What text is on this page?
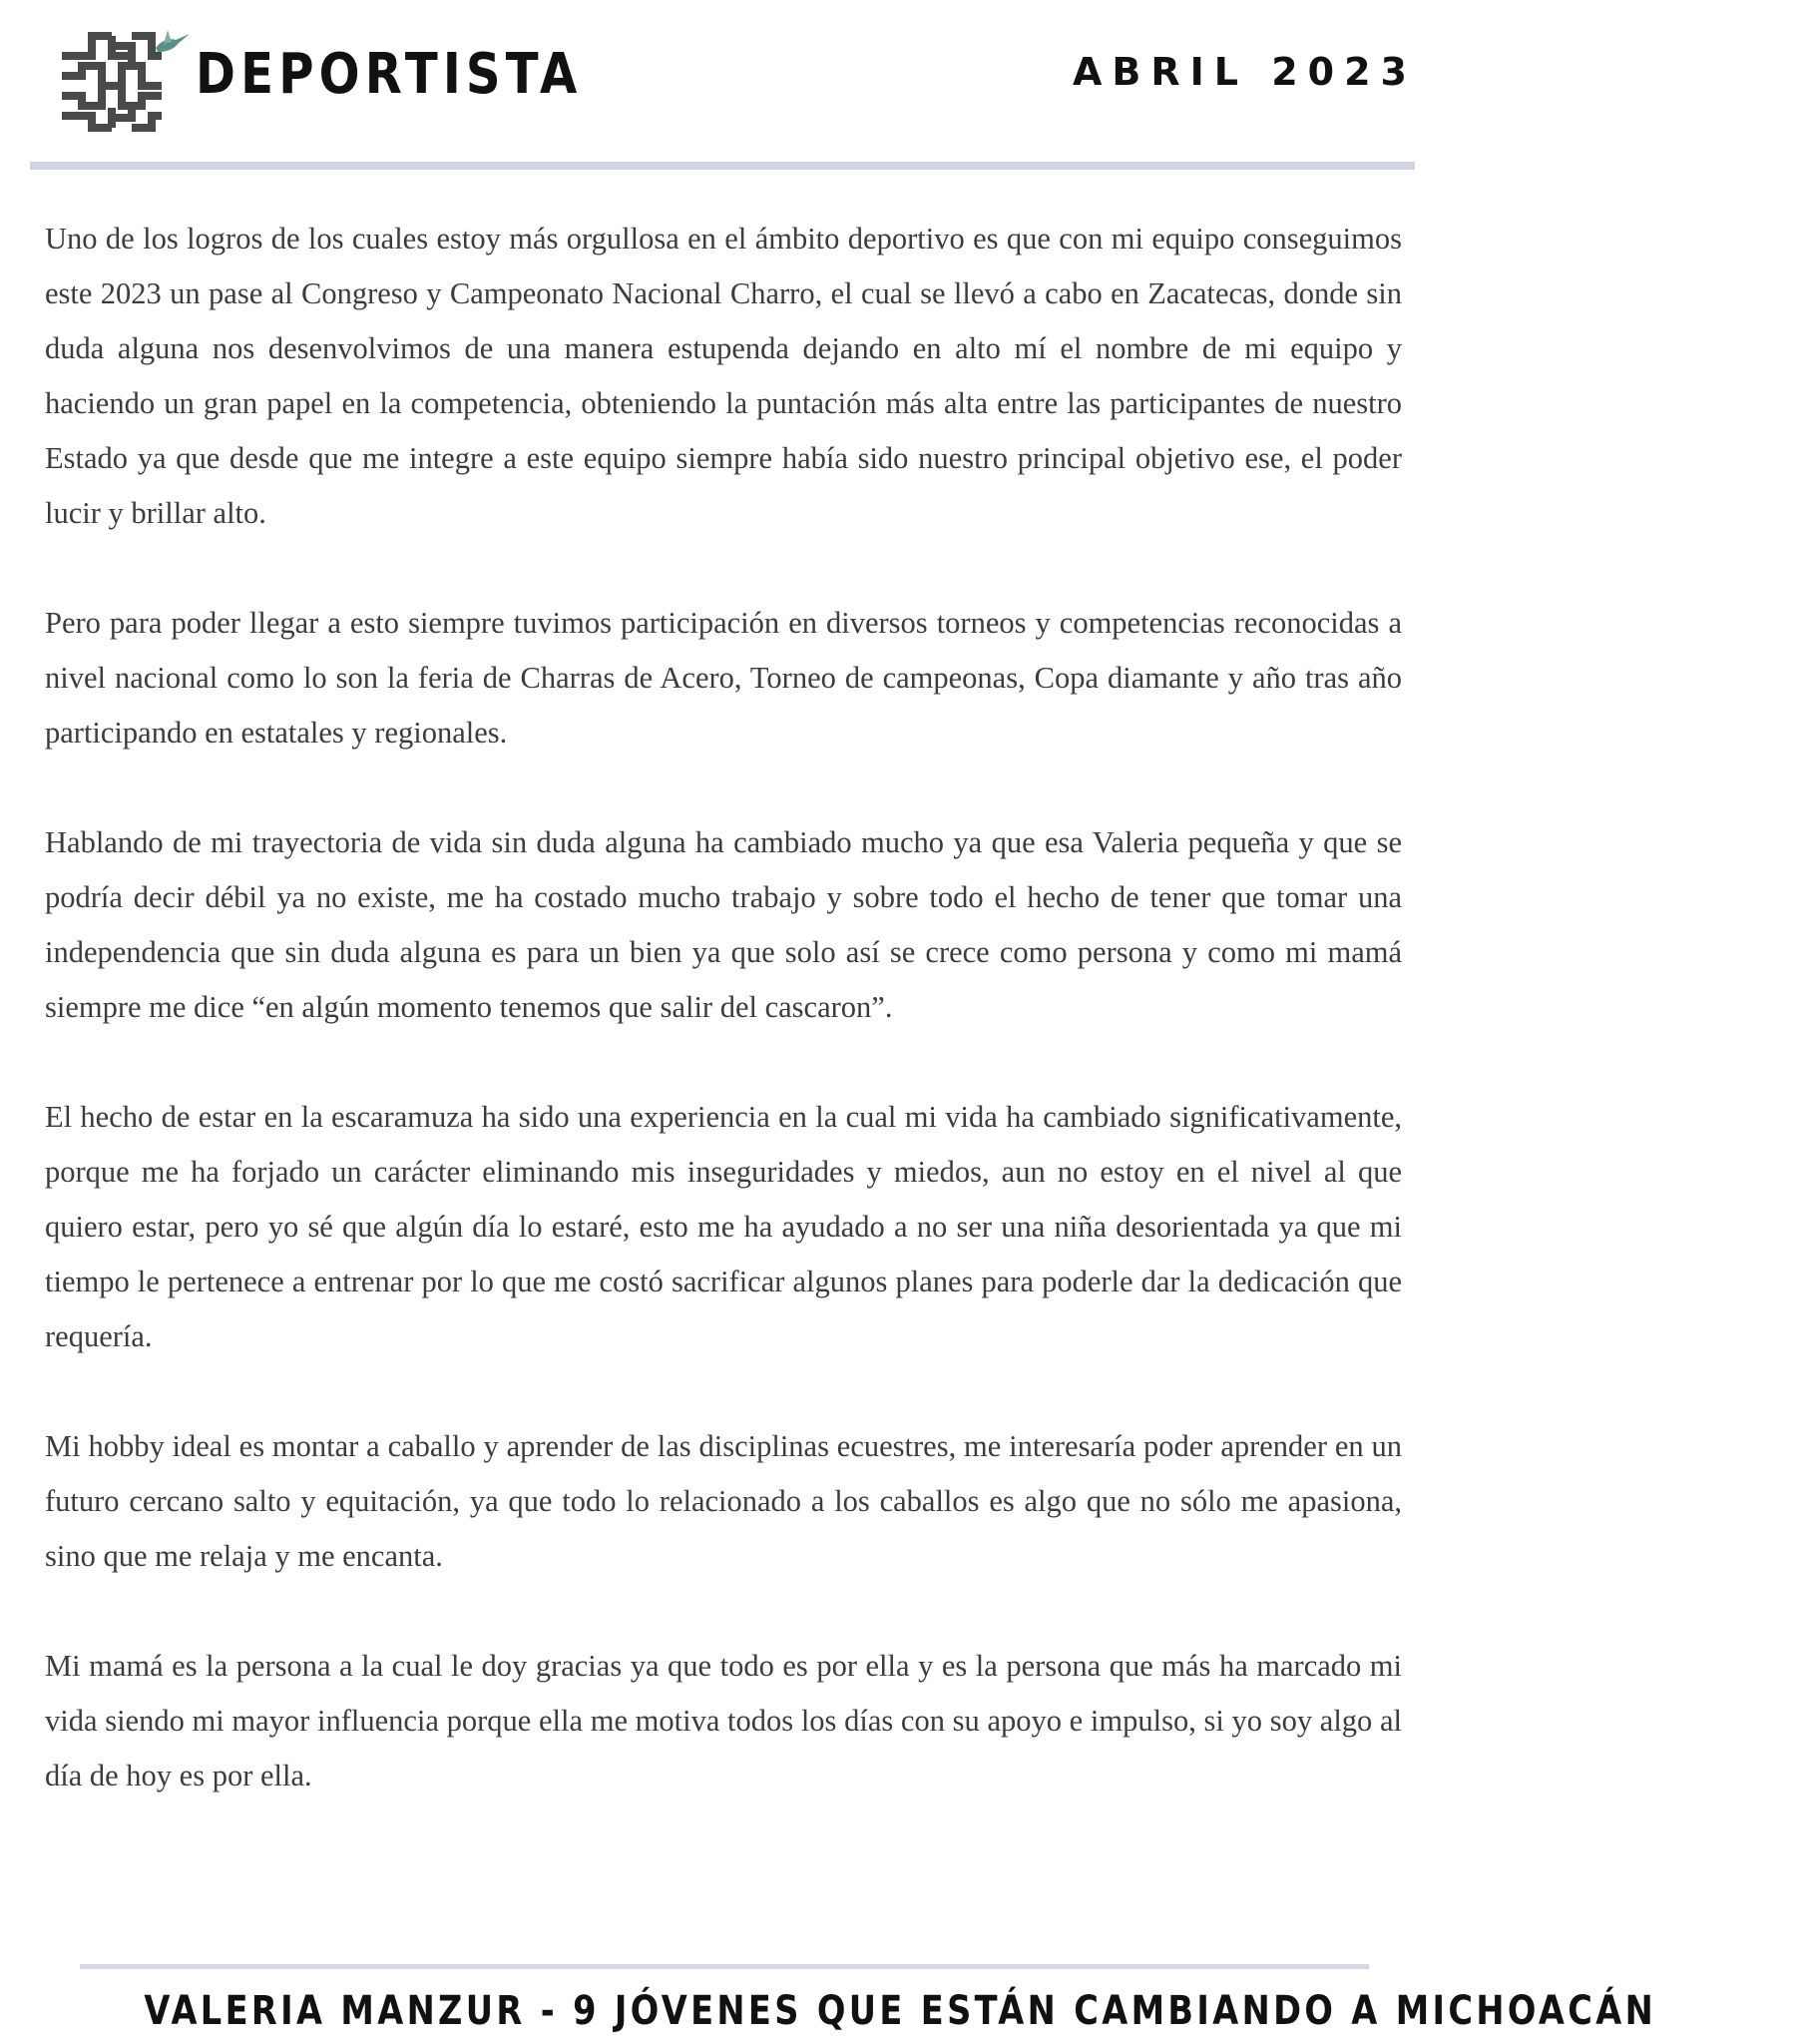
DEPORTISTA	ABRIL 2023

Uno de los logros de los cuales estoy más orgullosa en el ámbito deportivo es que con mi equipo conseguimos este 2023 un pase al Congreso y Campeonato Nacional Charro, el cual se llevó a cabo en Zacatecas, donde sin duda alguna nos desenvolvimos de una manera estupenda dejando en alto mí el nombre de mi equipo y haciendo un gran papel en la competencia, obteniendo la puntación más alta entre las participantes de nuestro Estado ya que desde que me integre a este equipo siempre había sido nuestro principal objetivo ese, el poder lucir y brillar alto.

Pero para poder llegar a esto siempre tuvimos participación en diversos torneos y competencias reconocidas a nivel nacional como lo son la feria de Charras de Acero, Torneo de campeonas, Copa diamante y año tras año participando en estatales y regionales.

Hablando de mi trayectoria de vida sin duda alguna ha cambiado mucho ya que esa Valeria pequeña y que se podría decir débil ya no existe, me ha costado mucho trabajo y sobre todo el hecho de tener que tomar una independencia que sin duda alguna es para un bien ya que solo así se crece como persona y como mi mamá siempre me dice “en algún momento tenemos que salir del cascaron”.

El hecho de estar en la escaramuza ha sido una experiencia en la cual mi vida ha cambiado significativamente, porque me ha forjado un carácter eliminando mis inseguridades y miedos, aun no estoy en el nivel al que quiero estar, pero yo sé que algún día lo estaré, esto me ha ayudado a no ser una niña desorientada ya que mi tiempo le pertenece a entrenar por lo que me costó sacrificar algunos planes para poderle dar la dedicación que requería.

Mi hobby ideal es montar a caballo y aprender de las disciplinas ecuestres, me interesaría poder aprender en un futuro cercano salto y equitación, ya que todo lo relacionado a los caballos es algo que no sólo me apasiona, sino que me relaja y me encanta.

Mi mamá es la persona a la cual le doy gracias ya que todo es por ella y es la persona que más ha marcado mi vida siendo mi mayor influencia porque ella me motiva todos los días con su apoyo e impulso, si yo soy algo al día de hoy es por ella.

VALERIA MANZUR - 9 JÓVENES QUE ESTÁN CAMBIANDO A MICHOACÁN
